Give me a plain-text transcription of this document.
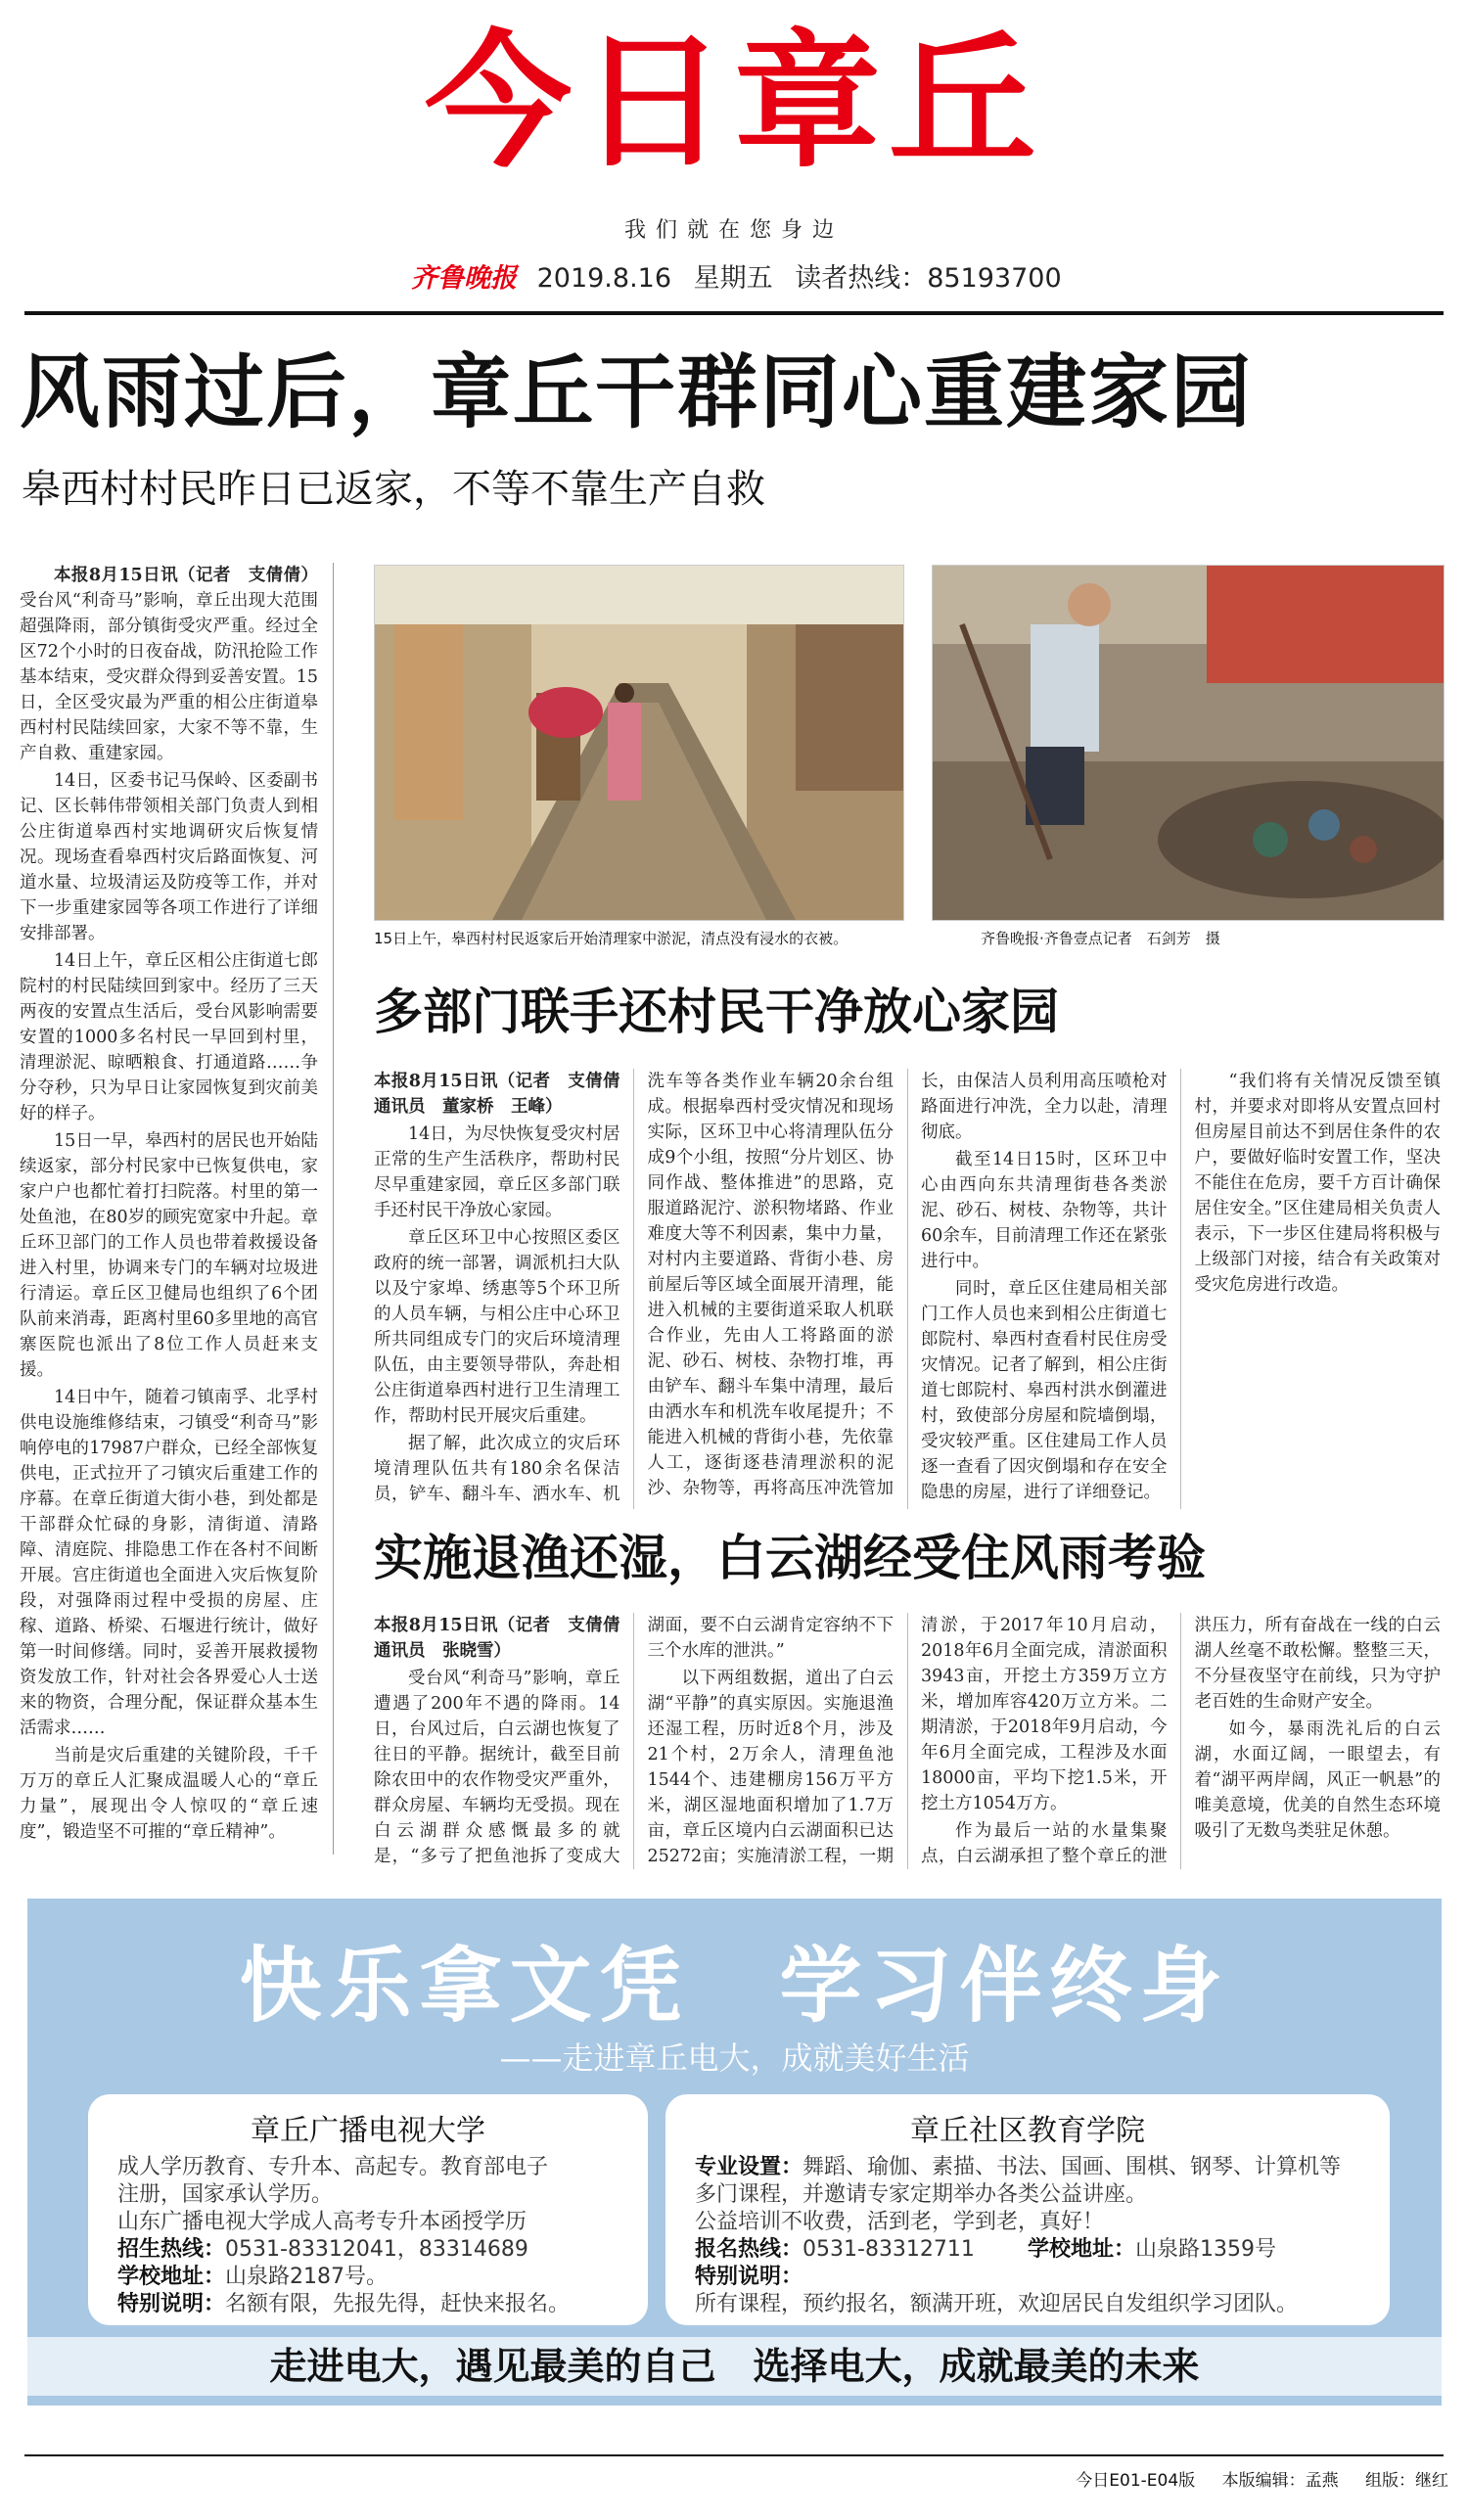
今日章丘
我们就在您身边
齐鲁晚报 2019.8.16 星期五 读者热线：85193700
风雨过后，章丘干群同心重建家园
皋西村村民昨日已返家，不等不靠生产自救

本报8月15日讯（记者　支倩倩）受台风“利奇马”影响，章丘出现大范围超强降雨，部分镇街受灾严重。经过全区72个小时的日夜奋战，防汛抢险工作基本结束，受灾群众得到妥善安置。15日，全区受灾最为严重的相公庄街道皋西村村民陆续回家，大家不等不靠，生产自救、重建家园。

14日，区委书记马保岭、区委副书记、区长韩伟带领相关部门负责人到相公庄街道皋西村实地调研灾后恢复情况。现场查看皋西村灾后路面恢复、河道水量、垃圾清运及防疫等工作，并对下一步重建家园等各项工作进行了详细安排部署。

14日上午，章丘区相公庄街道七郎院村的村民陆续回到家中。经历了三天两夜的安置点生活后，受台风影响需要安置的1000多名村民一早回到村里，清理淤泥、晾晒粮食、打通道路……争分夺秒，只为早日让家园恢复到灾前美好的样子。

15日一早，皋西村的居民也开始陆续返家，部分村民家中已恢复供电，家家户户也都忙着打扫院落。村里的第一处鱼池，在80岁的顾宪宽家中升起。章丘环卫部门的工作人员也带着救援设备进入村里，协调来专门的车辆对垃圾进行清运。章丘区卫健局也组织了6个团队前来消毒，距离村里60多里地的高官寨医院也派出了8位工作人员赶来支援。

14日中午，随着刁镇南孚、北孚村供电设施维修结束，刁镇受“利奇马”影响停电的17987户群众，已经全部恢复供电，正式拉开了刁镇灾后重建工作的序幕。在章丘街道大街小巷，到处都是干部群众忙碌的身影，清街道、清路障、清庭院、排隐患工作在各村不间断开展。宫庄街道也全面进入灾后恢复阶段，对强降雨过程中受损的房屋、庄稼、道路、桥梁、石堰进行统计，做好第一时间修缮。同时，妥善开展救援物资发放工作，针对社会各界爱心人士送来的物资，合理分配，保证群众基本生活需求……

当前是灾后重建的关键阶段，千千万万的章丘人汇聚成温暖人心的“章丘力量”，展现出令人惊叹的“章丘速度”，锻造坚不可摧的“章丘精神”。

15日上午，皋西村村民返家后开始清理家中淤泥，清点没有浸水的衣被。	齐鲁晚报·齐鲁壹点记者　石剑芳　摄
多部门联手还村民干净放心家园

本报8月15日讯（记者　支倩倩　通讯员　董家桥　王峰）

14日，为尽快恢复受灾村居正常的生产生活秩序，帮助村民尽早重建家园，章丘区多部门联手还村民干净放心家园。

章丘区环卫中心按照区委区政府的统一部署，调派机扫大队以及宁家埠、绣惠等5个环卫所的人员车辆，与相公庄中心环卫所共同组成专门的灾后环境清理队伍，由主要领导带队，奔赴相公庄街道皋西村进行卫生清理工作，帮助村民开展灾后重建。

据了解，此次成立的灾后环境清理队伍共有180余名保洁员，铲车、翻斗车、洒水车、机洗车等各类作业车辆20余台组成。根据皋西村受灾情况和现场实际，区环卫中心将清理队伍分成9个小组，按照“分片划区、协同作战、整体推进”的思路，克服道路泥泞、淤积物堵路、作业难度大等不利因素，集中力量，对村内主要道路、背街小巷、房前屋后等区域全面展开清理，能进入机械的主要街道采取人机联合作业，先由人工将路面的淤泥、砂石、树枝、杂物打堆，再由铲车、翻斗车集中清理，最后由洒水车和机洗车收尾提升；不能进入机械的背街小巷，先依靠人工，逐街逐巷清理淤积的泥沙、杂物等，再将高压冲洗管加长，由保洁人员利用高压喷枪对路面进行冲洗，全力以赴，清理彻底。

截至14日15时，区环卫中心由西向东共清理街巷各类淤泥、砂石、树枝、杂物等，共计60余车，目前清理工作还在紧张进行中。

同时，章丘区住建局相关部门工作人员也来到相公庄街道七郎院村、皋西村查看村民住房受灾情况。记者了解到，相公庄街道七郎院村、皋西村洪水倒灌进村，致使部分房屋和院墙倒塌，受灾较严重。区住建局工作人员逐一查看了因灾倒塌和存在安全隐患的房屋，进行了详细登记。

“我们将有关情况反馈至镇村，并要求对即将从安置点回村但房屋目前达不到居住条件的农户，要做好临时安置工作，坚决不能住在危房，要千方百计确保居住安全。”区住建局相关负责人表示，下一步区住建局将积极与上级部门对接，结合有关政策对受灾危房进行改造。

实施退渔还湿，白云湖经受住风雨考验

本报8月15日讯（记者　支倩倩　通讯员　张晓雪）

受台风“利奇马”影响，章丘遭遇了200年不遇的降雨。14日，台风过后，白云湖也恢复了往日的平静。据统计，截至目前除农田中的农作物受灾严重外，群众房屋、车辆均无受损。现在白云湖群众感慨最多的就是，“多亏了把鱼池拆了变成大湖面，要不白云湖肯定容纳不下三个水库的泄洪。”

以下两组数据，道出了白云湖“平静”的真实原因。实施退渔还湿工程，历时近8个月，涉及21个村，2万余人，清理鱼池1544个、违建棚房156万平方米，湖区湿地面积增加了1.7万亩，章丘区境内白云湖面积已达25272亩；实施清淤工程，一期清淤，于2017年10月启动，2018年6月全面完成，清淤面积3943亩，开挖土方359万立方米，增加库容420万立方米。二期清淤，于2018年9月启动，今年6月全面完成，工程涉及水面18000亩，平均下挖1.5米，开挖土方1054万方。

作为最后一站的水量集聚点，白云湖承担了整个章丘的泄洪压力，所有奋战在一线的白云湖人丝毫不敢松懈。整整三天，不分昼夜坚守在前线，只为守护老百姓的生命财产安全。

如今，暴雨洗礼后的白云湖，水面辽阔，一眼望去，有着“湖平两岸阔，风正一帆悬”的唯美意境，优美的自然生态环境吸引了无数鸟类驻足休憩。

快乐拿文凭　学习伴终身
——走进章丘电大，成就美好生活
章丘广播电视大学
成人学历教育、专升本、高起专。教育部电子
注册，国家承认学历。
山东广播电视大学成人高考专升本函授学历
招生热线：0531-83312041，83314689
学校地址：山泉路2187号。
特别说明：名额有限，先报先得，赶快来报名。
章丘社区教育学院
专业设置：舞蹈、瑜伽、素描、书法、国画、围棋、钢琴、计算机等
多门课程，并邀请专家定期举办各类公益讲座。
公益培训不收费，活到老，学到老，真好！
报名热线：0531-83312711 学校地址：山泉路1359号
特别说明：
所有课程，预约报名，额满开班，欢迎居民自发组织学习团队。
走进电大，遇见最美的自己　选择电大，成就最美的未来
今日E01-E04版 本版编辑：孟燕 组版：继红
